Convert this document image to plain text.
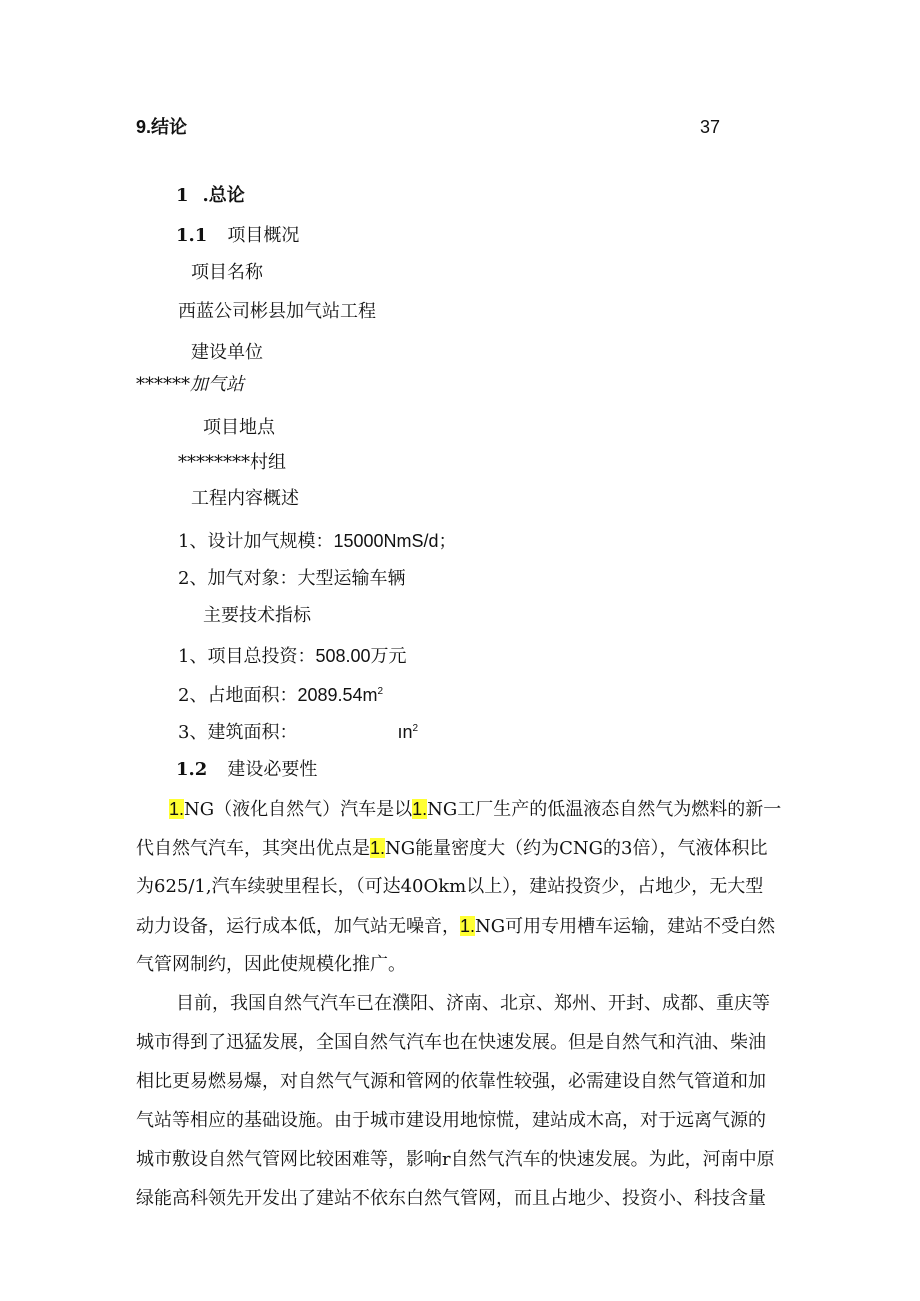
9.结论	37
1 .总论
1.1 项目概况
项目名称
西蓝公司彬县加气站工程
建设单位
******加气站
项目地点
********村组
工程内容概述
1、设计加气规模：15000NmS/d；
2、加气对象：大型运输车辆
主要技术指标
1、项目总投资：508.00万元
2、占地面积：$2089.54m^2$
3、建筑面积：	$ın^2$
1.2 建设必要性
1.NG（液化自然气）汽车是以1.NG工厂生产的低温液态自然气为燃料的新一
代自然气汽车，其突出优点是1.NG能量密度大（约为CNG的3倍），气液体积比
为625/1,汽车续驶里程长，（可达40Okm以上），建站投资少，占地少，无大型
动力设备，运行成本低，加气站无噪音，1.NG可用专用槽车运输，建站不受白然
气管网制约，因此使规模化推广。
目前，我国自然气汽车已在濮阳、济南、北京、郑州、开封、成都、重庆等
城市得到了迅猛发展，全国自然气汽车也在快速发展。但是自然气和汽油、柴油
相比更易燃易爆，对自然气气源和管网的依靠性较强，必需建设自然气管道和加
气站等相应的基础设施。由于城市建设用地惊慌，建站成木高，对于远离气源的
城市敷设自然气管网比较困难等，影响r自然气汽车的快速发展。为此，河南中原
绿能高科领先开发出了建站不依东白然气管网，而且占地少、投资小、科技含量
